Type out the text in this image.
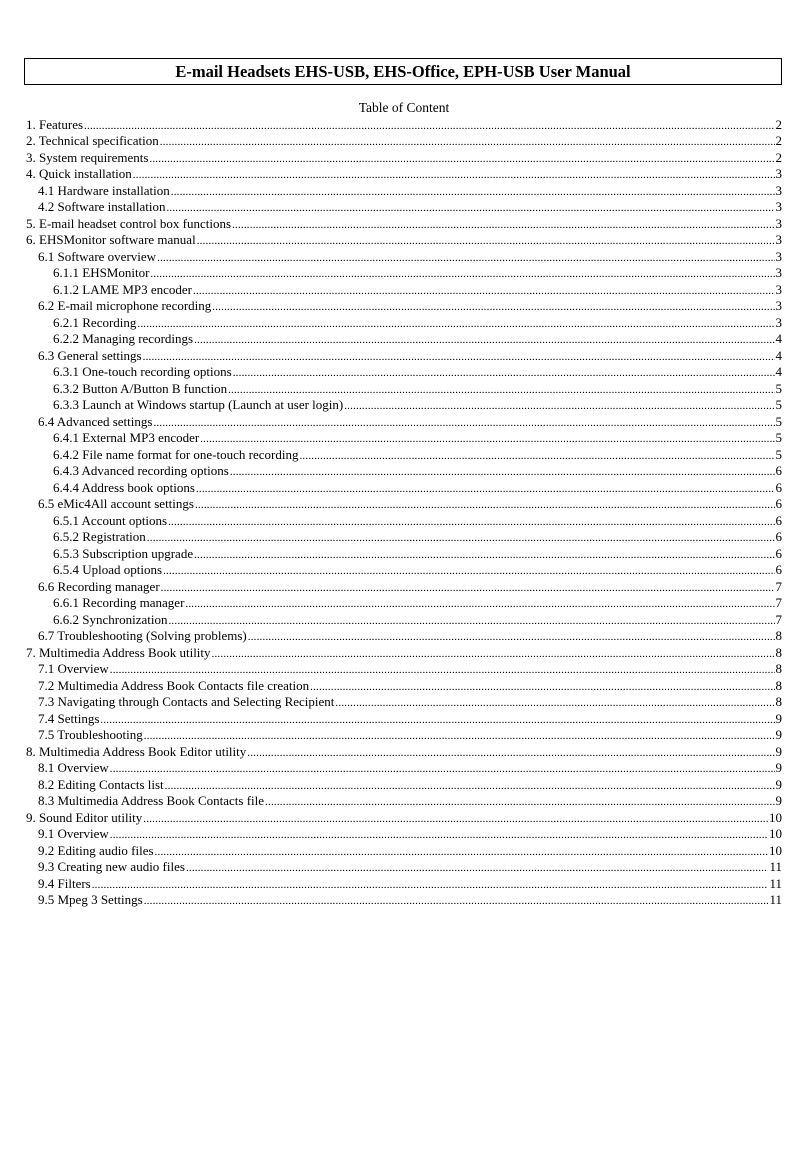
E-mail Headsets EHS-USB, EHS-Office, EPH-USB User Manual
Table of Content
1. Features .....	2
2. Technical specification .....	2
3. System requirements .....	2
4. Quick installation .....	3
4.1 Hardware installation .....	3
4.2 Software installation .....	3
5. E-mail headset control box functions .....	3
6. EHSMonitor software manual .....	3
6.1 Software overview .....	3
6.1.1 EHSMonitor .....	3
6.1.2 LAME MP3 encoder .....	3
6.2 E-mail microphone recording .....	3
6.2.1 Recording .....	3
6.2.2 Managing recordings .....	4
6.3 General settings .....	4
6.3.1 One-touch recording options .....	4
6.3.2 Button A/Button B function .....	5
6.3.3 Launch at Windows startup (Launch at user login) .....	5
6.4 Advanced settings .....	5
6.4.1 External MP3 encoder .....	5
6.4.2 File name format for one-touch recording .....	5
6.4.3 Advanced recording options .....	6
6.4.4 Address book options .....	6
6.5 eMic4All account settings .....	6
6.5.1 Account options .....	6
6.5.2 Registration .....	6
6.5.3 Subscription upgrade .....	6
6.5.4 Upload options .....	6
6.6 Recording manager .....	7
6.6.1 Recording manager .....	7
6.6.2 Synchronization .....	7
6.7 Troubleshooting (Solving problems) .....	8
7. Multimedia Address Book utility .....	8
7.1 Overview .....	8
7.2 Multimedia Address Book Contacts file creation .....	8
7.3 Navigating through Contacts and Selecting Recipient .....	8
7.4 Settings .....	9
7.5 Troubleshooting .....	9
8. Multimedia Address Book Editor utility .....	9
8.1 Overview .....	9
8.2 Editing Contacts list .....	9
8.3 Multimedia Address Book Contacts file .....	9
9. Sound Editor utility .....	10
9.1 Overview .....	10
9.2 Editing audio files .....	10
9.3 Creating new audio files .....	11
9.4 Filters .....	11
9.5 Mpeg 3 Settings .....	11
